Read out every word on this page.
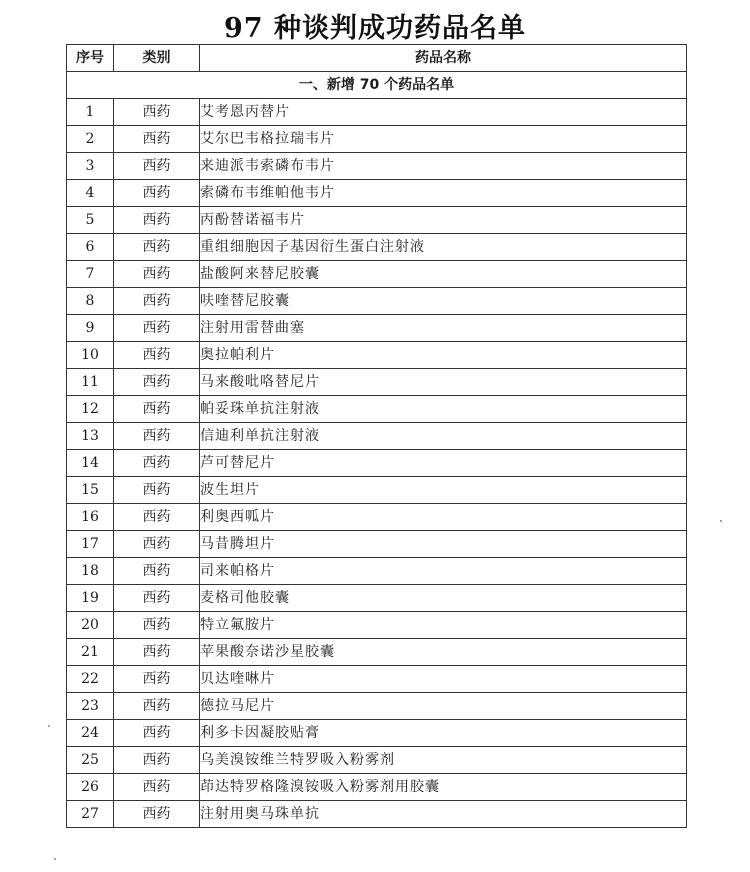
97 种谈判成功药品名单
序号	类别	药品名称
一、新增 70 个药品名单		
1	西药	艾考恩丙替片
2	西药	艾尔巴韦格拉瑞韦片
3	西药	来迪派韦索磷布韦片
4	西药	索磷布韦维帕他韦片
5	西药	丙酚替诺福韦片
6	西药	重组细胞因子基因衍生蛋白注射液
7	西药	盐酸阿来替尼胶囊
8	西药	呋喹替尼胶囊
9	西药	注射用雷替曲塞
10	西药	奥拉帕利片
11	西药	马来酸吡咯替尼片
12	西药	帕妥珠单抗注射液
13	西药	信迪利单抗注射液
14	西药	芦可替尼片
15	西药	波生坦片
16	西药	利奥西呱片
17	西药	马昔腾坦片
18	西药	司来帕格片
19	西药	麦格司他胶囊
20	西药	特立氟胺片
21	西药	苹果酸奈诺沙星胶囊
22	西药	贝达喹啉片
23	西药	德拉马尼片
24	西药	利多卡因凝胶贴膏
25	西药	乌美溴铵维兰特罗吸入粉雾剂
26	西药	茚达特罗格隆溴铵吸入粉雾剂用胶囊
27	西药	注射用奥马珠单抗
